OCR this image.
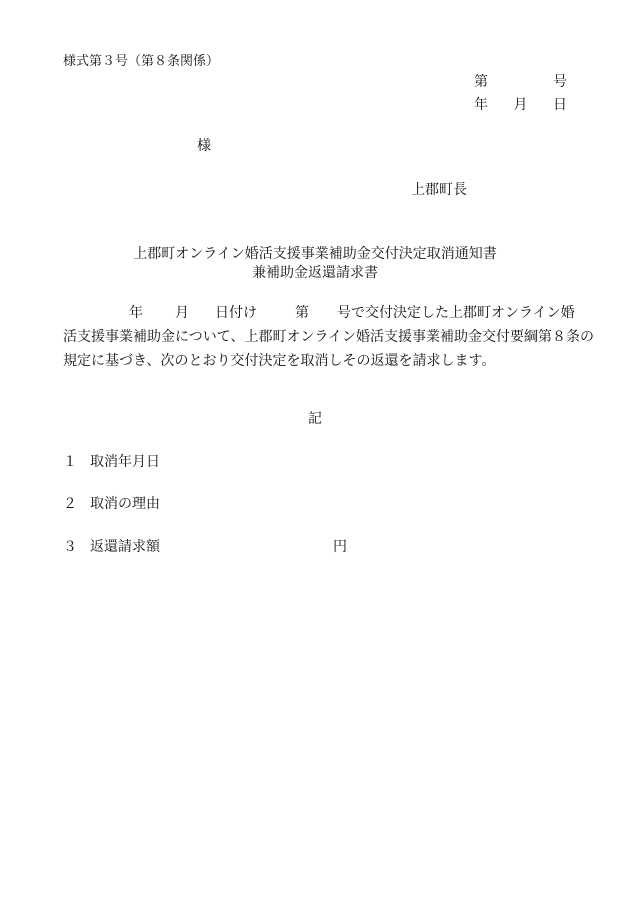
様式第３号（第８条関係）
第	号
年 月 日
様
上郡町長
上郡町オンライン婚活支援事業補助金交付決定取消通知書
兼補助金返還請求書
年 月 日付け	第 号で交付決定した上郡町オンライン婚
活支援事業補助金について、上郡町オンライン婚活支援事業補助金交付要綱第８条の
規定に基づき、次のとおり交付決定を取消しその返還を請求します。
記
１ 取消年月日
２ 取消の理由
３ 返還請求額	円
